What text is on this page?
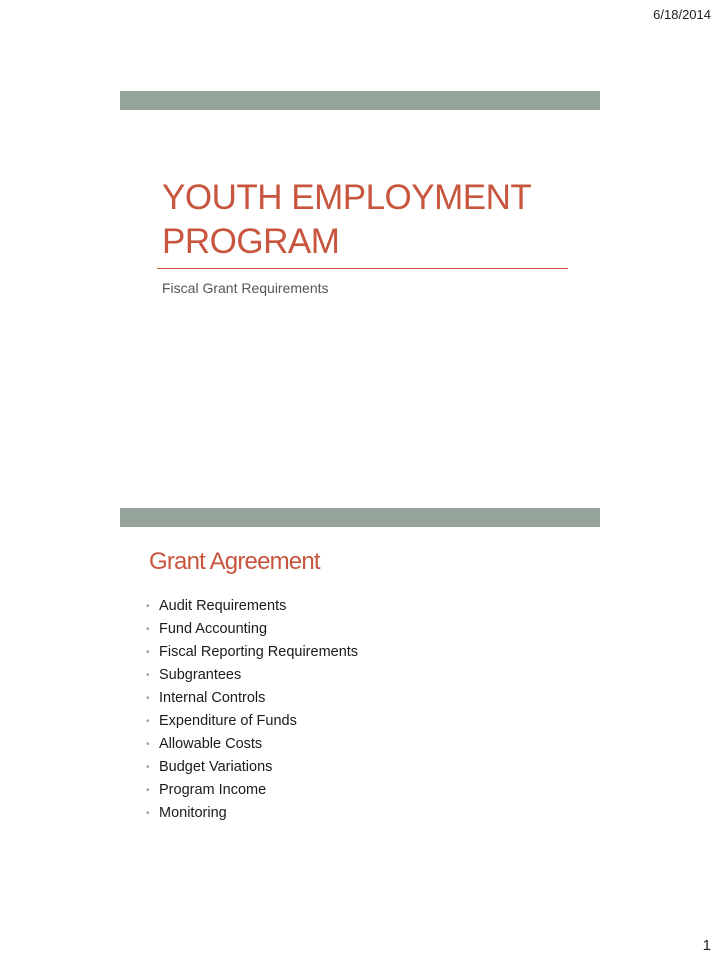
6/18/2014
YOUTH EMPLOYMENT PROGRAM
Fiscal Grant Requirements
Grant Agreement
• Audit Requirements
• Fund Accounting
• Fiscal Reporting Requirements
• Subgrantees
• Internal Controls
• Expenditure of Funds
• Allowable Costs
• Budget Variations
• Program Income
• Monitoring
1
